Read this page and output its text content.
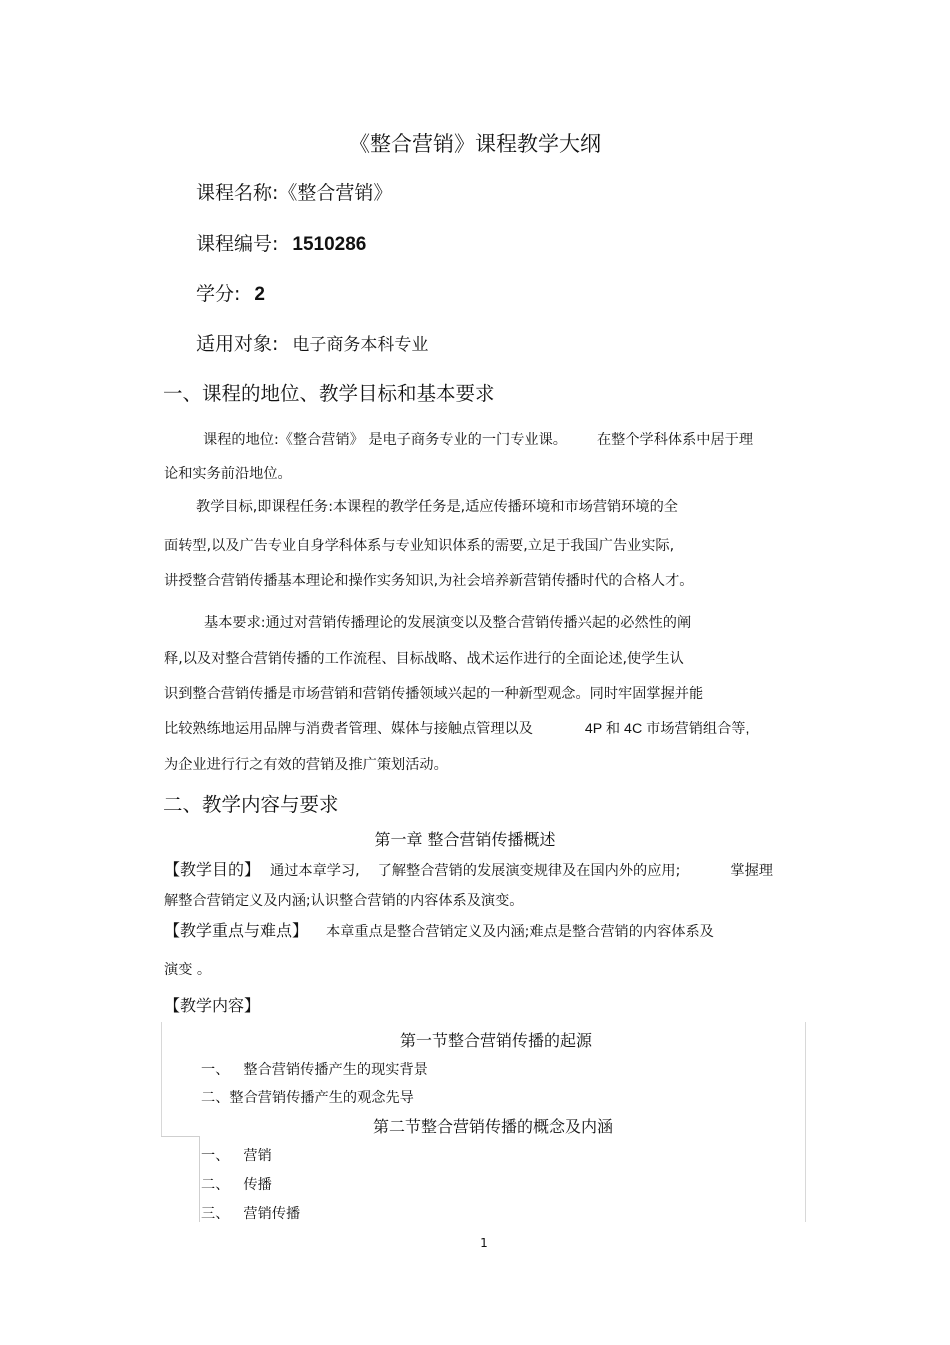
《整合营销》课程教学大纲
课程名称:《整合营销》
课程编号: 1510286
学分: 2
适用对象: 电子商务本科专业
一、课程的地位、教学目标和基本要求
课程的地位:《整合营销》 是电子商务专业的一门专业课。 在整个学科体系中居于理
论和实务前沿地位。
教学目标,即课程任务:本课程的教学任务是,适应传播环境和市场营销环境的全
面转型,以及广告专业自身学科体系与专业知识体系的需要,立足于我国广告业实际,
讲授整合营销传播基本理论和操作实务知识,为社会培养新营销传播时代的合格人才。
基本要求:通过对营销传播理论的发展演变以及整合营销传播兴起的必然性的阐
释,以及对整合营销传播的工作流程、目标战略、战术运作进行的全面论述,使学生认
识到整合营销传播是市场营销和营销传播领域兴起的一种新型观念。同时牢固掌握并能
比较熟练地运用品牌与消费者管理、媒体与接触点管理以及	4P 和 4C 市场营销组合等,
为企业进行行之有效的营销及推广策划活动。
二、教学内容与要求
第一章 整合营销传播概述
【教学目的】 通过本章学习, 了解整合营销的发展演变规律及在国内外的应用;	掌握理
解整合营销定义及内涵;认识整合营销的内容体系及演变。
【教学重点与难点】 本章重点是整合营销定义及内涵;难点是整合营销的内容体系及
演变 。
【教学内容】
第一节整合营销传播的起源
一、 整合营销传播产生的现实背景
二、整合营销传播产生的观念先导
第二节整合营销传播的概念及内涵
一、 营销
二、 传播
三、 营销传播
1
